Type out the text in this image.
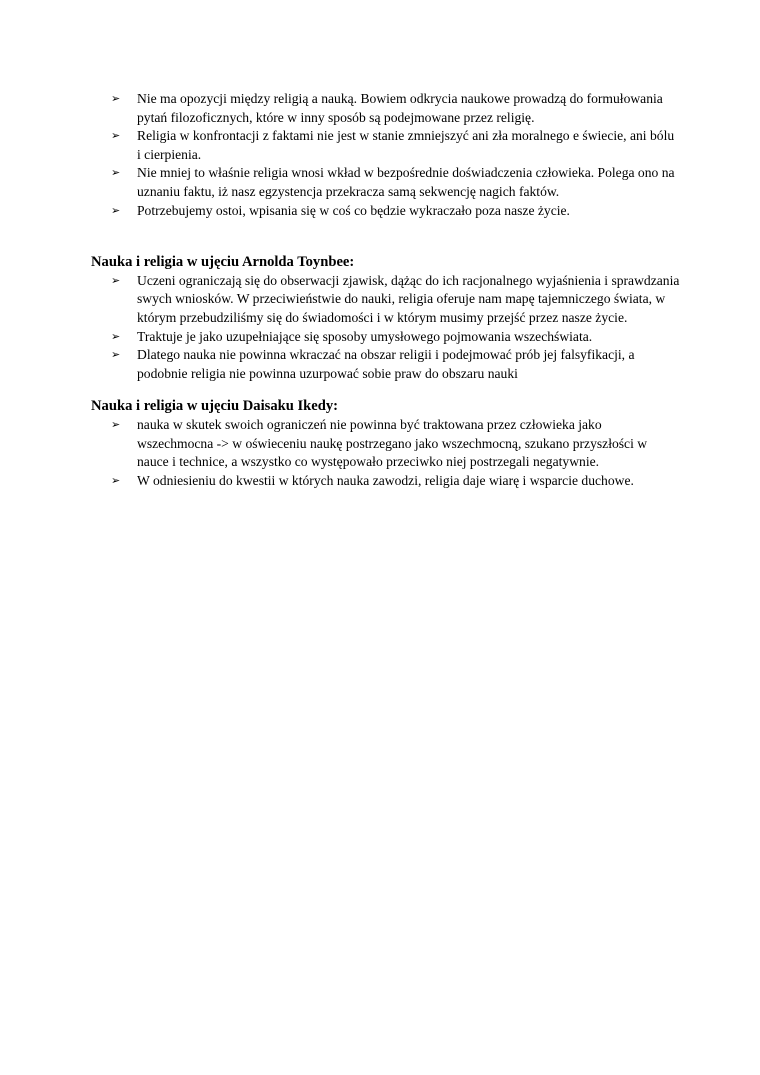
➢ Nie ma opozycji między religią a nauką. Bowiem odkrycia naukowe prowadzą do formułowania pytań filozoficznych, które w inny sposób są podejmowane przez religię.
➢ Religia w konfrontacji z faktami nie jest w stanie zmniejszyć ani zła moralnego e świecie, ani bólu i cierpienia.
➢ Nie mniej to właśnie religia wnosi wkład w bezpośrednie doświadczenia człowieka. Polega ono na uznaniu faktu, iż nasz egzystencja przekracza samą sekwencję nagich faktów.
➢ Potrzebujemy ostoi, wpisania się w coś co będzie wykraczało poza nasze życie.
Nauka i religia w ujęciu Arnolda Toynbee:
➢ Uczeni ograniczają się do obserwacji zjawisk, dążąc do ich racjonalnego wyjaśnienia i sprawdzania swych wniosków. W przeciwieństwie do nauki, religia oferuje nam mapę tajemniczego świata, w którym przebudziliśmy się do świadomości i w którym musimy przejść przez nasze życie.
➢ Traktuje je jako uzupełniające się sposoby umysłowego pojmowania wszechświata.
➢ Dlatego nauka nie powinna wkraczać na obszar religii i podejmować prób jej falsyfikacji, a podobnie religia nie powinna uzurpować sobie praw do obszaru nauki
Nauka i religia w ujęciu Daisaku Ikedy:
➢ nauka w skutek swoich ograniczeń nie powinna być traktowana przez człowieka jako wszechmocna -> w oświeceniu naukę postrzegano jako wszechmocną, szukano przyszłości w nauce i technice, a wszystko co występowało przeciwko niej postrzegali negatywnie.
➢ W odniesieniu do kwestii w których nauka zawodzi, religia daje wiarę i wsparcie duchowe.
